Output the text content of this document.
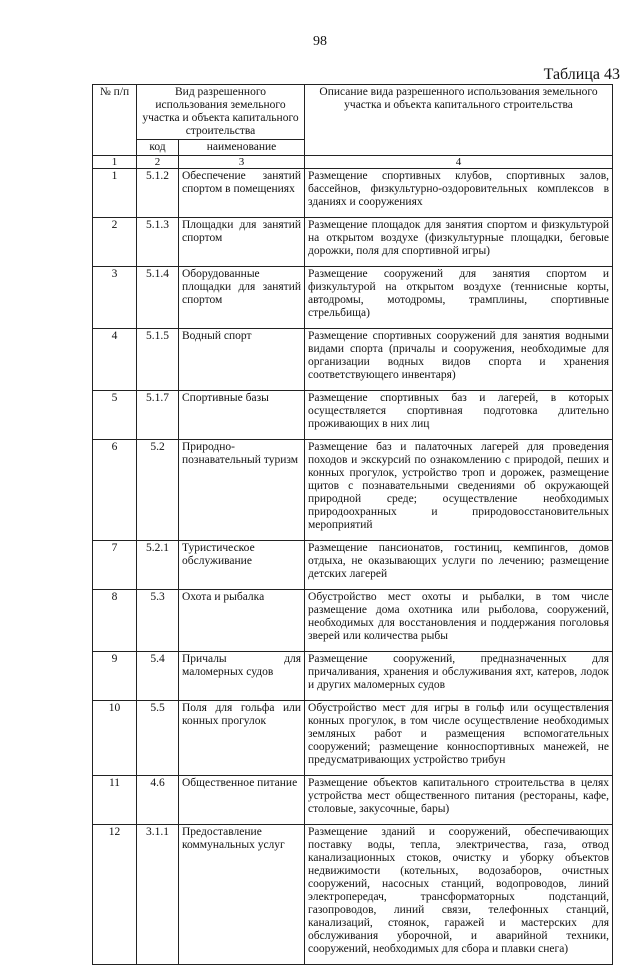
98
Таблица 43
№ п/п	Вид разрешенного использования земельного участка и объекта капитального строительства		Описание вида разрешенного использования земельного участка и объекта капитального строительства
	код	наименование	
1	2	3	4
1	5.1.2	Обеспечение занятий спортом в помещениях	Размещение спортивных клубов, спортивных залов, бассейнов, физкультурно-оздоровительных комплексов в зданиях и сооружениях
2	5.1.3	Площадки для занятий спортом	Размещение площадок для занятия спортом и физкультурой на открытом воздухе (физкультурные площадки, беговые дорожки, поля для спортивной игры)
3	5.1.4	Оборудованные площадки для занятий спортом	Размещение сооружений для занятия спортом и физкультурой на открытом воздухе (теннисные корты, автодромы, мотодромы, трамплины, спортивные стрельбища)
4	5.1.5	Водный спорт	Размещение спортивных сооружений для занятия водными видами спорта (причалы и сооружения, необходимые для организации водных видов спорта и хранения соответствующего инвентаря)
5	5.1.7	Спортивные базы	Размещение спортивных баз и лагерей, в которых осуществляется спортивная подготовка длительно проживающих в них лиц
6	5.2	Природно-познавательный туризм	Размещение баз и палаточных лагерей для проведения походов и экскурсий по ознакомлению с природой, пеших и конных прогулок, устройство троп и дорожек, размещение щитов с познавательными сведениями об окружающей природной среде; осуществление необходимых природоохранных и природовосстановительных мероприятий
7	5.2.1	Туристическое обслуживание	Размещение пансионатов, гостиниц, кемпингов, домов отдыха, не оказывающих услуги по лечению; размещение детских лагерей
8	5.3	Охота и рыбалка	Обустройство мест охоты и рыбалки, в том числе размещение дома охотника или рыболова, сооружений, необходимых для восстановления и поддержания поголовья зверей или количества рыбы
9	5.4	Причалы для маломерных судов	Размещение сооружений, предназначенных для причаливания, хранения и обслуживания яхт, катеров, лодок и других маломерных судов
10	5.5	Поля для гольфа или конных прогулок	Обустройство мест для игры в гольф или осуществления конных прогулок, в том числе осуществление необходимых земляных работ и размещения вспомогательных сооружений; размещение конноспортивных манежей, не предусматривающих устройство трибун
11	4.6	Общественное питание	Размещение объектов капитального строительства в целях устройства мест общественного питания (рестораны, кафе, столовые, закусочные, бары)
12	3.1.1	Предоставление коммунальных услуг	Размещение зданий и сооружений, обеспечивающих поставку воды, тепла, электричества, газа, отвод канализационных стоков, очистку и уборку объектов недвижимости (котельных, водозаборов, очистных сооружений, насосных станций, водопроводов, линий электропередач, трансформаторных подстанций, газопроводов, линий связи, телефонных станций, канализаций, стоянок, гаражей и мастерских для обслуживания уборочной, и аварийной техники, сооружений, необходимых для сбора и плавки снега)
